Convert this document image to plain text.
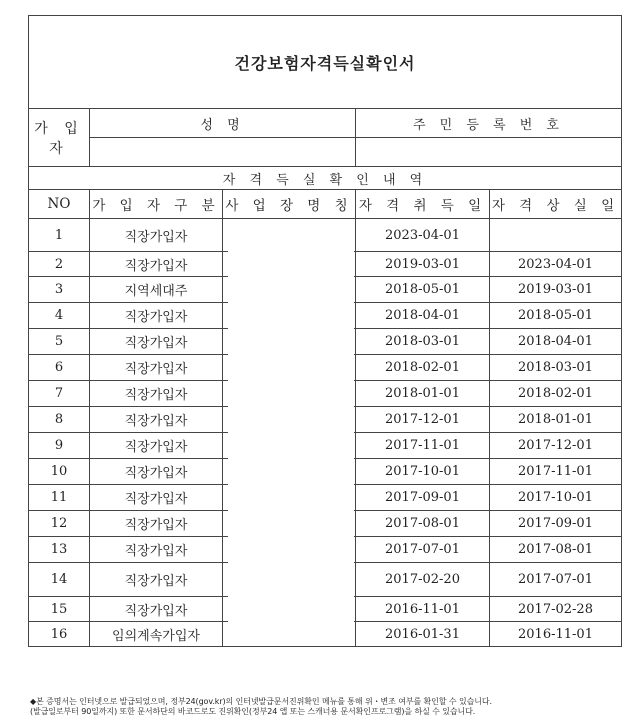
건강보험자격득실확인서				
가 입 자	성 명		주 민 등 록 번 호	

자 격 득 실 확 인 내 역				
NO	가 입 자 구 분	사 업 장 명 칭	자 격 취 득 일	자 격 상 실 일
1	직장가입자		2023-04-01	
2	직장가입자		2019-03-01	2023-04-01
3	지역세대주		2018-05-01	2019-03-01
4	직장가입자		2018-04-01	2018-05-01
5	직장가입자		2018-03-01	2018-04-01
6	직장가입자		2018-02-01	2018-03-01
7	직장가입자		2018-01-01	2018-02-01
8	직장가입자		2017-12-01	2018-01-01
9	직장가입자		2017-11-01	2017-12-01
10	직장가입자		2017-10-01	2017-11-01
11	직장가입자		2017-09-01	2017-10-01
12	직장가입자		2017-08-01	2017-09-01
13	직장가입자		2017-07-01	2017-08-01
14	직장가입자		2017-02-20	2017-07-01
15	직장가입자		2016-11-01	2017-02-28
16	임의계속가입자		2016-01-31	2016-11-01
◆본 증명서는 인터넷으로 발급되었으며, 정부24(gov.kr)의 인터넷발급문서진위확인 메뉴를 통해 위・변조 여부를 확인할 수 있습니다.
(발급일로부터 90일까지) 또한 문서하단의 바코드로도 진위확인(정부24 앱 또는 스캐너용 문서확인프로그램)을 하실 수 있습니다.
